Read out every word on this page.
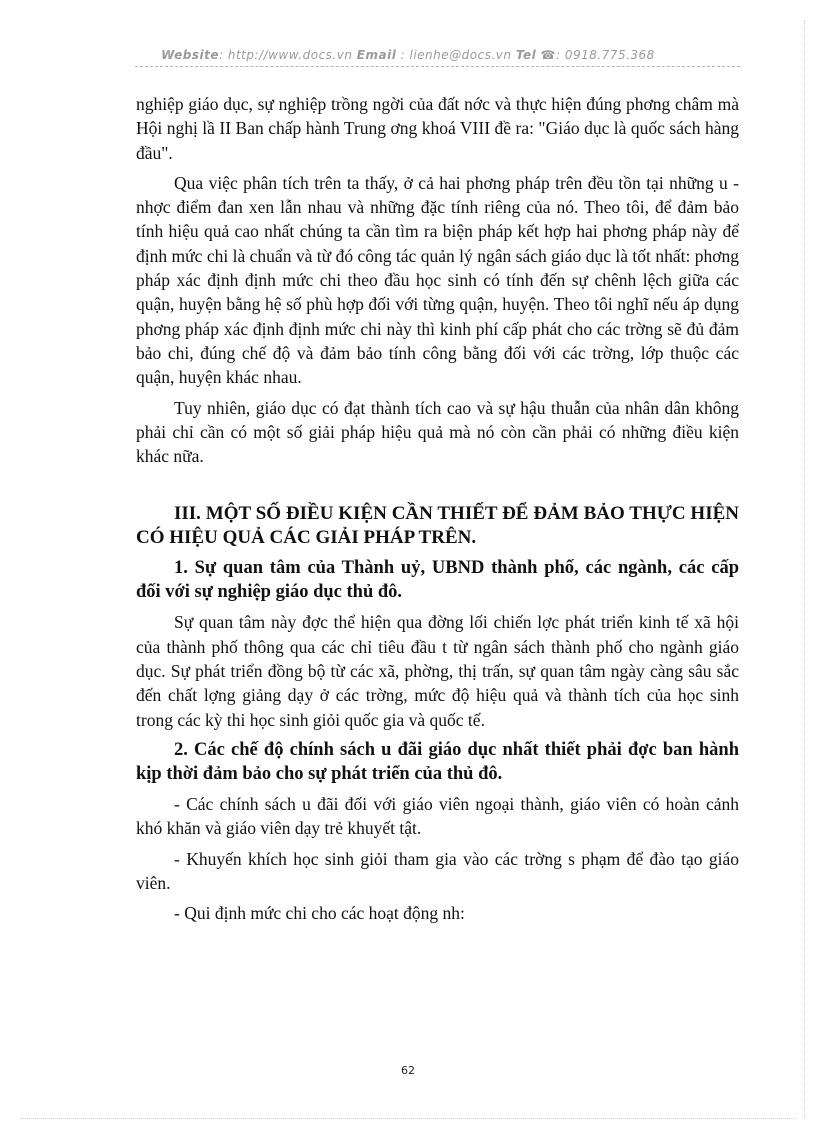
Website: http://www.docs.vn Email : lienhe@docs.vn Tel ☎: 0918.775.368

nghiệp giáo dục, sự nghiệp trồng ngời của đất nớc và thực hiện đúng phơng châm mà Hội nghị lầ II Ban chấp hành Trung ơng khoá VIII đề ra: "Giáo dục là quốc sách hàng đầu".

Qua việc phân tích trên ta thấy, ở cả hai phơng pháp trên đều tồn tại những u - nhợc điểm đan xen lẫn nhau và những đặc tính riêng của nó. Theo tôi, để đảm bảo tính hiệu quả cao nhất chúng ta cần tìm ra biện pháp kết hợp hai phơng pháp này để định mức chi là chuẩn và từ đó công tác quản lý ngân sách giáo dục là tốt nhất: phơng pháp xác định định mức chi theo đầu học sinh có tính đến sự chênh lệch giữa các quận, huyện bằng hệ số phù hợp đối với từng quận, huyện. Theo tôi nghĩ nếu áp dụng phơng pháp xác định định mức chi này thì kinh phí cấp phát cho các trờng sẽ đủ đảm bảo chi, đúng chế độ và đảm bảo tính công bằng đối với các trờng, lớp thuộc các quận, huyện khác nhau.

Tuy nhiên, giáo dục có đạt thành tích cao và sự hậu thuẫn của nhân dân không phải chỉ cần có một số giải pháp hiệu quả mà nó còn cần phải có những điều kiện khác nữa.

III. MỘT SỐ ĐIỀU KIỆN CẦN THIẾT ĐỂ ĐẢM BẢO THỰC HIỆN CÓ HIỆU QUẢ CÁC GIẢI PHÁP TRÊN.
1. Sự quan tâm của Thành uỷ, UBND thành phố, các ngành, các cấp đối với sự nghiệp giáo dục thủ đô.

Sự quan tâm này đợc thể hiện qua đờng lối chiến lợc phát triển kinh tế xã hội của thành phố thông qua các chỉ tiêu đầu t từ ngân sách thành phố cho ngành giáo dục. Sự phát triển đồng bộ từ các xã, phờng, thị trấn, sự quan tâm ngày càng sâu sắc đến chất lợng giảng dạy ở các trờng, mức độ hiệu quả và thành tích của học sinh trong các kỳ thi học sinh giỏi quốc gia và quốc tế.

2. Các chế độ chính sách u đãi giáo dục nhất thiết phải đợc ban hành kịp thời đảm bảo cho sự phát triển của thủ đô.

- Các chính sách u đãi đối với giáo viên ngoại thành, giáo viên có hoàn cảnh khó khăn và giáo viên dạy trẻ khuyết tật.

- Khuyến khích học sinh giỏi tham gia vào các trờng s phạm để đào tạo giáo viên.

- Qui định mức chi cho các hoạt động nh:

62
